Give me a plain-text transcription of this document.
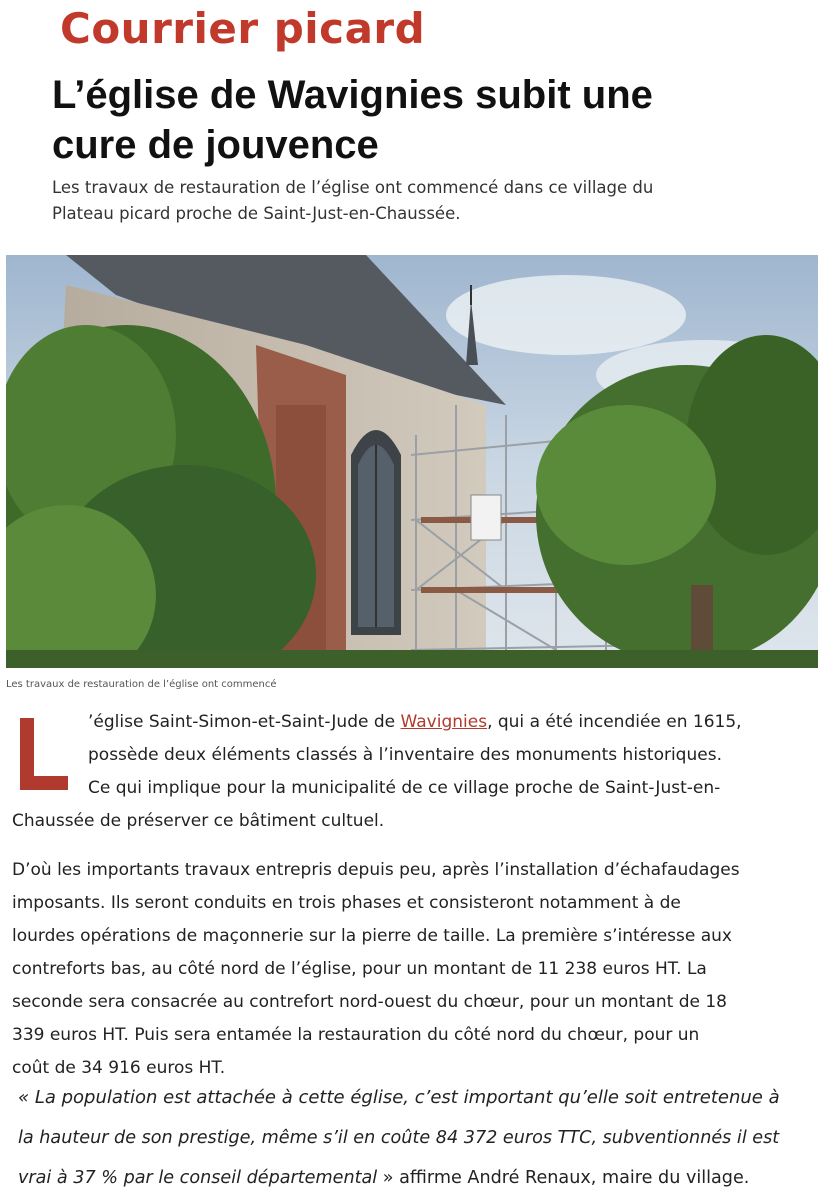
Courrier picard
L’église de Wavignies subit une
cure de jouvence

Les travaux de restauration de l’église ont commencé dans ce village du
Plateau picard proche de Saint-Just-en-Chaussée.

Les travaux de restauration de l’église ont commencé

’église Saint-Simon-et-Saint-Jude de Wavignies, qui a été incendiée en 1615,

possède deux éléments classés à l’inventaire des monuments historiques.

Ce qui implique pour la municipalité de ce village proche de Saint-Just-en-

Chaussée de préserver ce bâtiment cultuel.

D’où les importants travaux entrepris depuis peu, après l’installation d’échafaudages

imposants. Ils seront conduits en trois phases et consisteront notamment à de

lourdes opérations de maçonnerie sur la pierre de taille. La première s’intéresse aux

contreforts bas, au côté nord de l’église, pour un montant de 11 238 euros HT. La

seconde sera consacrée au contrefort nord-ouest du chœur, pour un montant de 18

339 euros HT. Puis sera entamée la restauration du côté nord du chœur, pour un

coût de 34 916 euros HT.

« La population est attachée à cette église, c’est important qu’elle soit entretenue à

la hauteur de son prestige, même s’il en coûte 84 372 euros TTC, subventionnés il est

vrai à 37 % par le conseil départemental » affirme André Renaux, maire du village.
